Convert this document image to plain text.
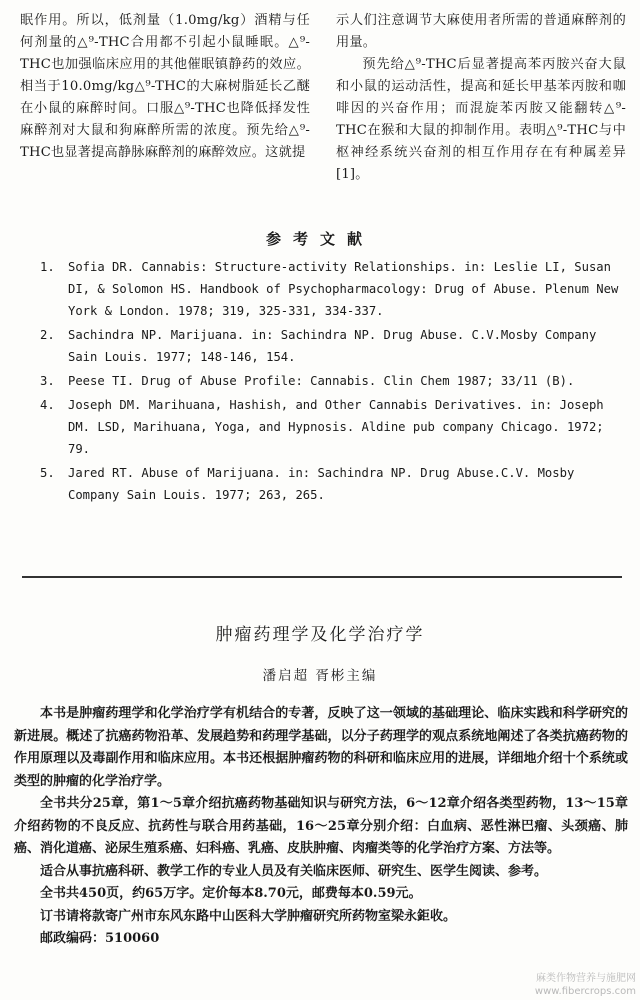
眠作用。所以，低剂量（1.0mg/kg）酒精与任何剂量的△⁹-THC合用都不引起小鼠睡眠。△⁹-THC也加强临床应用的其他催眠镇静药的效应。相当于10.0mg/kg△⁹-THC的大麻树脂延长乙醚在小鼠的麻醉时间。口服△⁹-THC也降低择发性麻醉剂对大鼠和狗麻醉所需的浓度。预先给△⁹-THC也显著提高静脉麻醉剂的麻醉效应。这就提

示人们注意调节大麻使用者所需的普通麻醉剂的用量。

预先给△⁹-THC后显著提高苯丙胺兴奋大鼠和小鼠的运动活性，提高和延长甲基苯丙胺和咖啡因的兴奋作用；而混旋苯丙胺又能翻转△⁹-THC在猴和大鼠的抑制作用。表明△⁹-THC与中枢神经系统兴奋剂的相互作用存在有种属差异[1]。

参考文献
1.	Sofia DR. Cannabis: Structure-activity Relationships. in: Leslie LI, Susan DI, & Solomon HS. Handbook of Psychopharmacology: Drug of Abuse. Plenum New York & London. 1978; 319, 325-331, 334-337.
2.	Sachindra NP. Marijuana. in: Sachindra NP. Drug Abuse. C.V.Mosby Company Sain Louis. 1977; 148-146, 154.
3.	Peese TI. Drug of Abuse Profile: Cannabis. Clin Chem 1987; 33/11 (B).
4.	Joseph DM. Marihuana, Hashish, and Other Cannabis Derivatives. in: Joseph DM. LSD, Marihuana, Yoga, and Hypnosis. Aldine pub company Chicago. 1972; 79.
5.	Jared RT. Abuse of Marijuana. in: Sachindra NP. Drug Abuse.C.V. Mosby Company Sain Louis. 1977; 263, 265.
肿瘤药理学及化学治疗学
潘启超 胥彬主编

本书是肿瘤药理学和化学治疗学有机结合的专著，反映了这一领域的基础理论、临床实践和科学研究的新进展。概述了抗癌药物沿革、发展趋势和药理学基础，以分子药理学的观点系统地阐述了各类抗癌药物的作用原理以及毒副作用和临床应用。本书还根据肿瘤药物的科研和临床应用的进展，详细地介绍十个系统或类型的肿瘤的化学治疗学。

全书共分25章，第1～5章介绍抗癌药物基础知识与研究方法，6～12章介绍各类型药物，13～15章介绍药物的不良反应、抗药性与联合用药基础，16～25章分别介绍：白血病、恶性淋巴瘤、头颈癌、肺癌、消化道癌、泌尿生殖系癌、妇科癌、乳癌、皮肤肿瘤、肉瘤类等的化学治疗方案、方法等。

适合从事抗癌科研、教学工作的专业人员及有关临床医师、研究生、医学生阅读、参考。

全书共450页，约65万字。定价每本8.70元，邮费每本0.59元。

订书请将款寄广州市东风东路中山医科大学肿瘤研究所药物室梁永鉅收。

邮政编码：510060

麻类作物营养与施肥网
www.fibercrops.com
